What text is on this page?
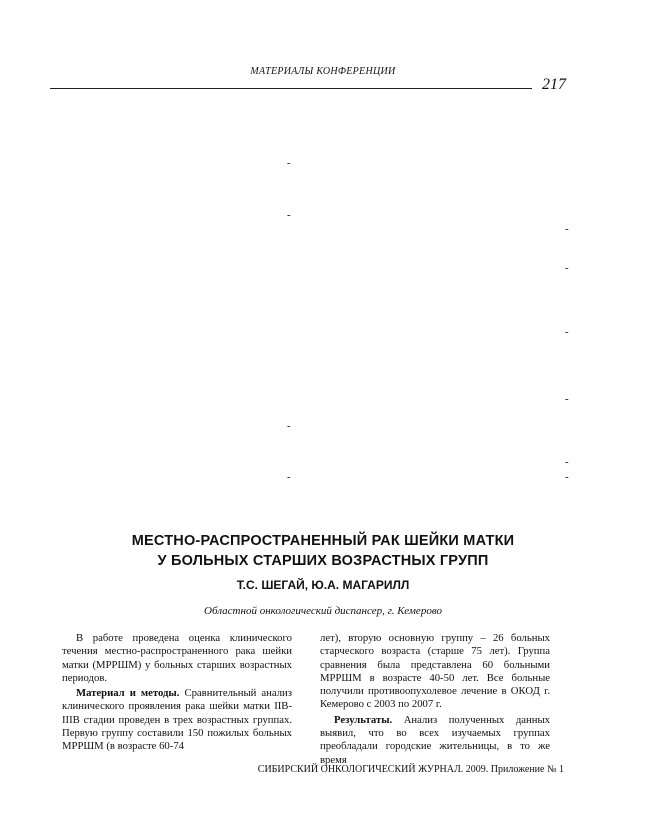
МАТЕРИАЛЫ КОНФЕРЕНЦИИ
217
-
-
-
-
-
-
-
-	-
-
МЕСТНО-РАСПРОСТРАНЕННЫЙ РАК ШЕЙКИ МАТКИ
У БОЛЬНЫХ СТАРШИХ ВОЗРАСТНЫХ ГРУПП
Т.С. ШЕГАЙ, Ю.А. МАГАРИЛЛ
Областной онкологический диспансер, г. Кемерово

В работе проведена оценка клинического течения местно-распространенного рака шейки матки (МРРШМ) у больных старших возрастных периодов.

Материал и методы. Сравнительный анализ клинического проявления рака шейки матки IIB-IIIB стадии проведен в трех возрастных группах. Первую группу составили 150 пожилых больных МРРШМ (в возрасте 60-74

лет), вторую основную группу – 26 больных старческого возраста (старше 75 лет). Группа сравнения была представлена 60 больными МРРШМ в возрасте 40-50 лет. Все больные получили противоопухолевое лечение в ОКОД г. Кемерово с 2003 по 2007 г.

Результаты. Анализ полученных данных выявил, что во всех изучаемых группах преобладали городские жительницы, в то же время

СИБИРСКИЙ ОНКОЛОГИЧЕСКИЙ ЖУРНАЛ. 2009. Приложение № 1
